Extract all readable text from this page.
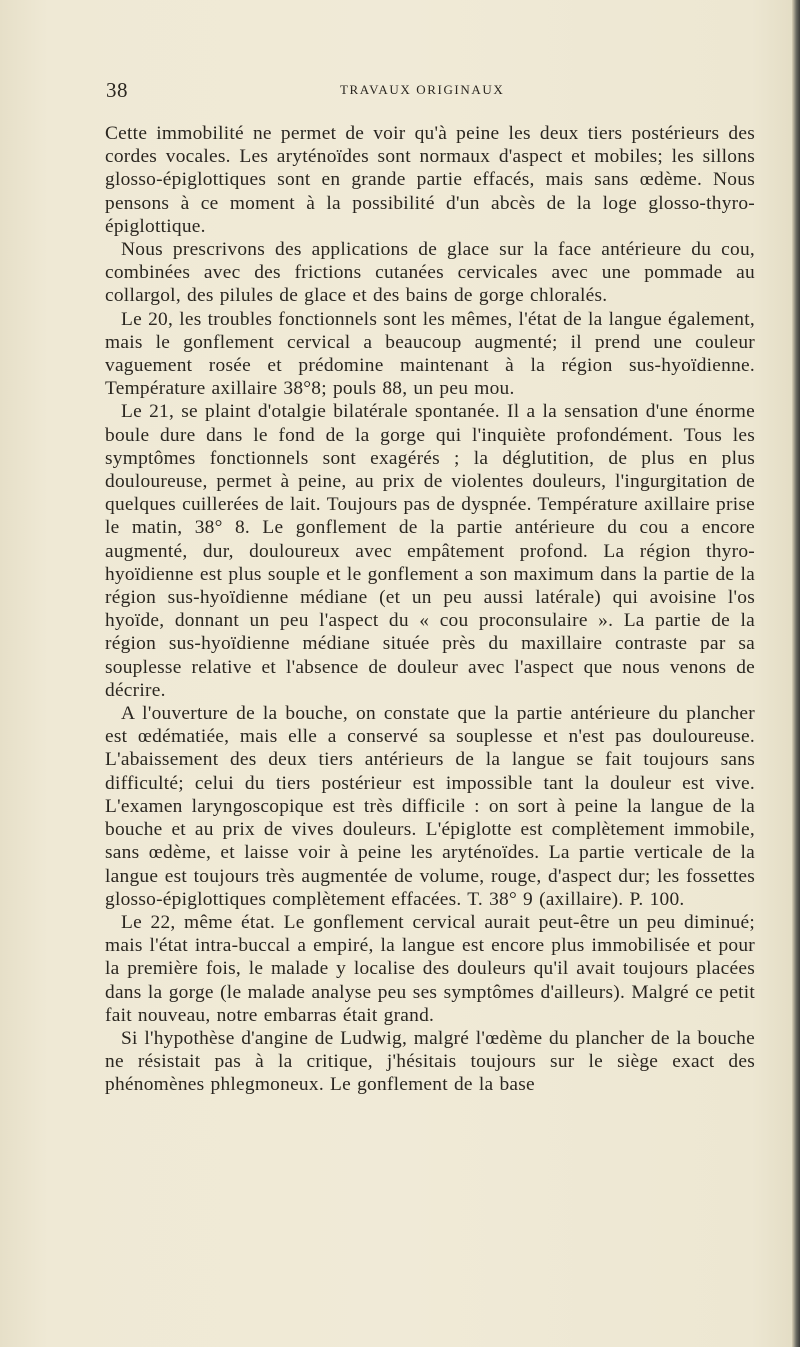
38	TRAVAUX ORIGINAUX

Cette immobilité ne permet de voir qu'à peine les deux tiers postérieurs des cordes vocales. Les aryténoïdes sont normaux d'aspect et mobiles; les sillons glosso-épiglottiques sont en grande partie effacés, mais sans œdème. Nous pensons à ce moment à la possibilité d'un abcès de la loge glosso-thyro-épiglottique.

Nous prescrivons des applications de glace sur la face antérieure du cou, combinées avec des frictions cutanées cervicales avec une pommade au collargol, des pilules de glace et des bains de gorge chloralés.

Le 20, les troubles fonctionnels sont les mêmes, l'état de la langue également, mais le gonflement cervical a beaucoup augmenté; il prend une couleur vaguement rosée et prédomine maintenant à la région sus-hyoïdienne. Température axillaire 38°8; pouls 88, un peu mou.

Le 21, se plaint d'otalgie bilatérale spontanée. Il a la sensation d'une énorme boule dure dans le fond de la gorge qui l'inquiète profondément. Tous les symptômes fonctionnels sont exagérés ; la déglutition, de plus en plus douloureuse, permet à peine, au prix de violentes douleurs, l'ingurgitation de quelques cuillerées de lait. Toujours pas de dyspnée. Température axillaire prise le matin, 38° 8. Le gonflement de la partie antérieure du cou a encore augmenté, dur, douloureux avec empâtement profond. La région thyro-hyoïdienne est plus souple et le gonflement a son maximum dans la partie de la région sus-hyoïdienne médiane (et un peu aussi latérale) qui avoisine l'os hyoïde, donnant un peu l'aspect du « cou proconsulaire ». La partie de la région sus-hyoïdienne médiane située près du maxillaire contraste par sa souplesse relative et l'absence de douleur avec l'aspect que nous venons de décrire.

A l'ouverture de la bouche, on constate que la partie antérieure du plancher est œdématiée, mais elle a conservé sa souplesse et n'est pas douloureuse. L'abaissement des deux tiers antérieurs de la langue se fait toujours sans difficulté; celui du tiers postérieur est impossible tant la douleur est vive. L'examen laryngoscopique est très difficile : on sort à peine la langue de la bouche et au prix de vives douleurs. L'épiglotte est complètement immobile, sans œdème, et laisse voir à peine les aryténoïdes. La partie verticale de la langue est toujours très augmentée de volume, rouge, d'aspect dur; les fossettes glosso-épiglottiques complètement effacées. T. 38° 9 (axillaire). P. 100.

Le 22, même état. Le gonflement cervical aurait peut-être un peu diminué; mais l'état intra-buccal a empiré, la langue est encore plus immobilisée et pour la première fois, le malade y localise des douleurs qu'il avait toujours placées dans la gorge (le malade analyse peu ses symptômes d'ailleurs). Malgré ce petit fait nouveau, notre embarras était grand.

Si l'hypothèse d'angine de Ludwig, malgré l'œdème du plancher de la bouche ne résistait pas à la critique, j'hésitais toujours sur le siège exact des phénomènes phlegmoneux. Le gonflement de la base
